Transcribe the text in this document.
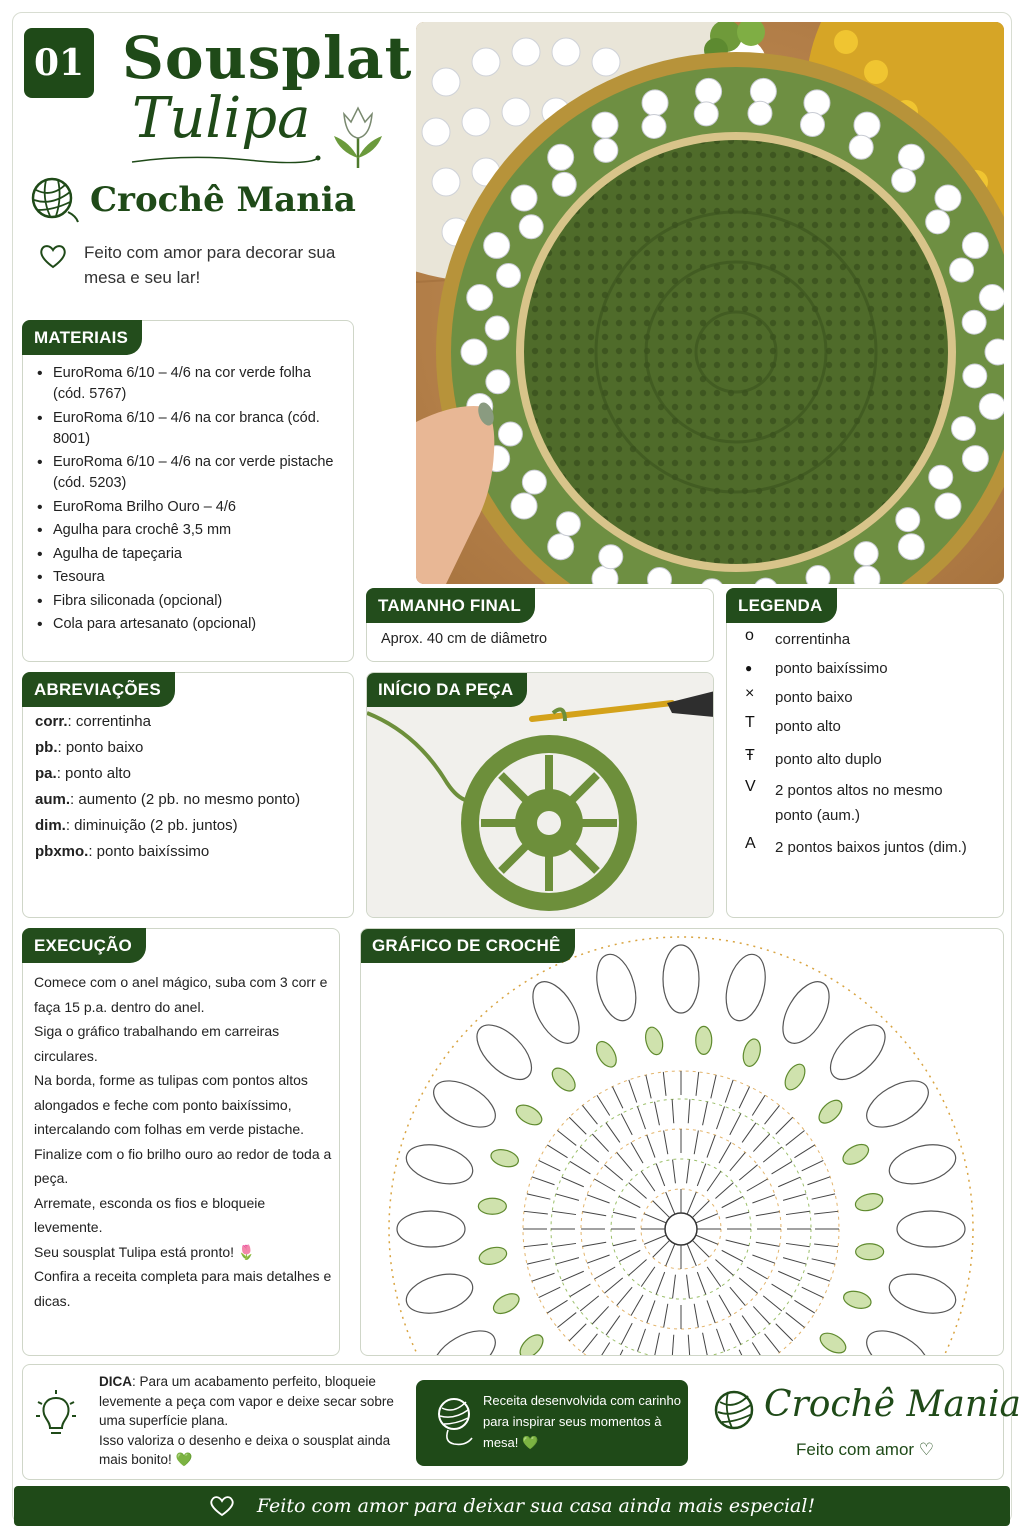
01 Sousplat
Tulipa
Crochê Mania
Feito com amor para decorar sua mesa e seu lar!
MATERIAIS
• EuroRoma 6/10 – 4/6 na cor verde folha (cód. 5767)
• EuroRoma 6/10 – 4/6 na cor branca (cód. 8001)
• EuroRoma 6/10 – 4/6 na cor verde pistache (cód. 5203)
• EuroRoma Brilho Ouro – 4/6
• Agulha para crochê 3,5 mm
• Agulha de tapeçaria
• Tesoura
• Fibra siliconada (opcional)
• Cola para artesanato (opcional)
TAMANHO FINAL
Aprox. 40 cm de diâmetro
LEGENDA
o	correntinha
●	ponto baixíssimo
×	ponto baixo
T	ponto alto
Ŧ	ponto alto duplo
V	2 pontos altos no mesmo ponto (aum.)
A	2 pontos baixos juntos (dim.)
ABREVIAÇÕES
corr.: correntinha
pb.: ponto baixo
pa.: ponto alto
aum.: aumento (2 pb. no mesmo ponto)
dim.: diminuição (2 pb. juntos)
pbxmo.: ponto baixíssimo
INÍCIO DA PEÇA
EXECUÇÃO

Comece com o anel mágico, suba com 3 corr e faça 15 p.a. dentro do anel.

Siga o gráfico trabalhando em carreiras circulares.

Na borda, forme as tulipas com pontos altos alongados e feche com ponto baixíssimo, intercalando com folhas em verde pistache.

Finalize com o fio brilho ouro ao redor de toda a peça.

Arremate, esconda os fios e bloqueie levemente.

Seu sousplat Tulipa está pronto! 🌷

Confira a receita completa para mais detalhes e dicas.

GRÁFICO DE CROCHÊ
DICA: Para um acabamento perfeito, bloqueie levemente a peça com vapor e deixe secar sobre uma superfície plana.
Isso valoriza o desenho e deixa o sousplat ainda mais bonito! 💚
Receita desenvolvida com carinho para inspirar seus momentos à mesa! 💚
Crochê Mania
Feito com amor ♡
Feito com amor para deixar sua casa ainda mais especial!
